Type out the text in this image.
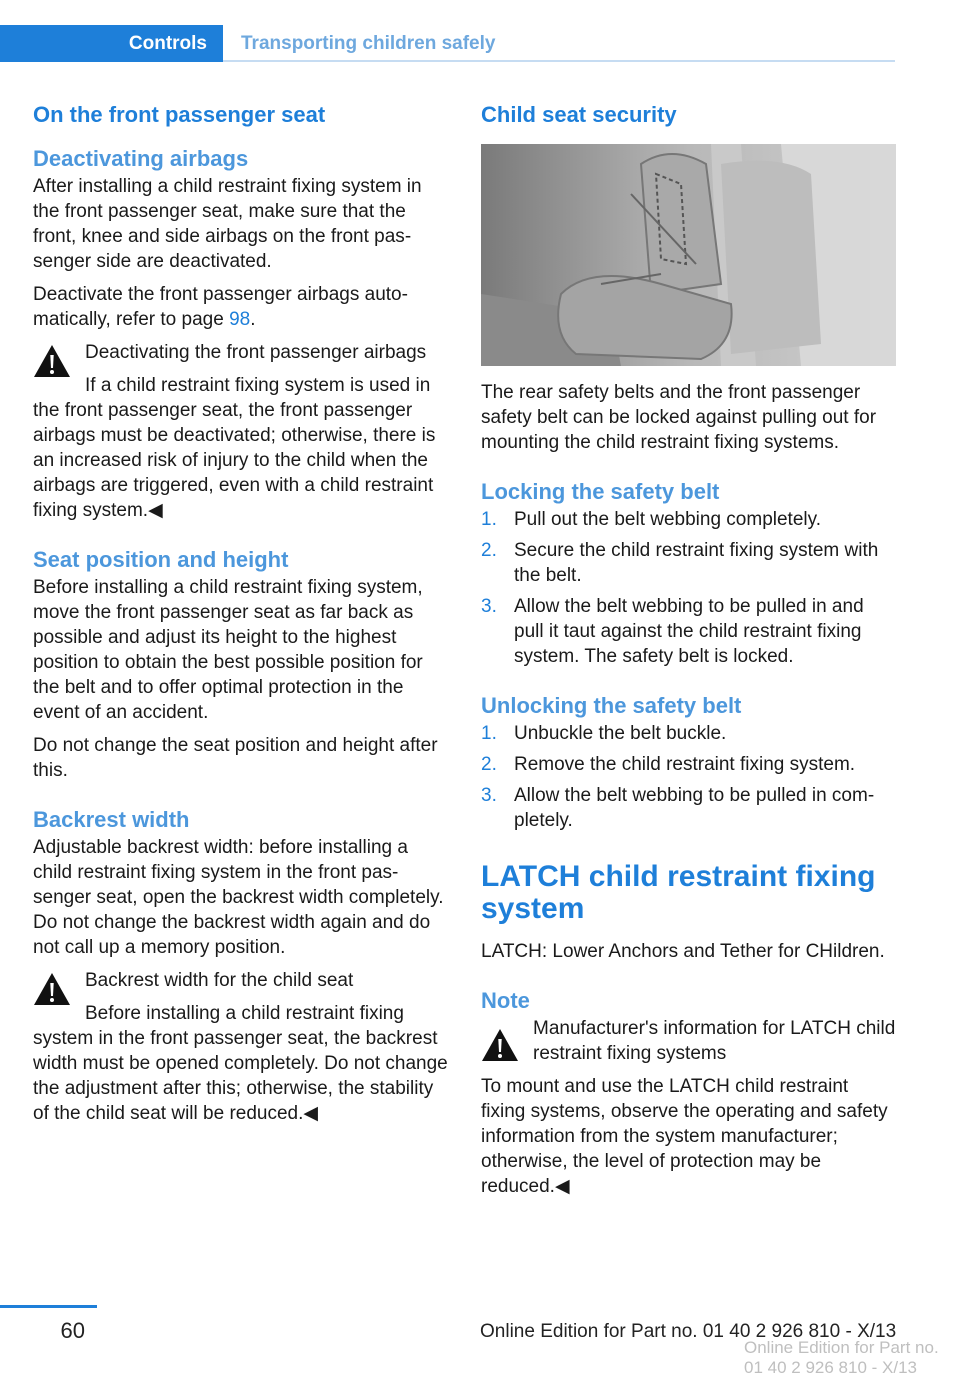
Controls Transporting children safely
On the front passenger seat
Deactivating airbags

After installing a child restraint fixing system in the front passenger seat, make sure that the front, knee and side airbags on the front passenger side are deactivated.

Deactivate the front passenger airbags automatically, refer to page 98.

Deactivating the front passenger airbags
If a child restraint fixing system is used in the front passenger seat, the front passenger airbags must be deactivated; otherwise, there is an increased risk of injury to the child when the airbags are triggered, even with a child restraint fixing system.◀
Seat position and height

Before installing a child restraint fixing system, move the front passenger seat as far back as possible and adjust its height to the highest position to obtain the best possible position for the belt and to offer optimal protection in the event of an accident.

Do not change the seat position and height after this.

Backrest width

Adjustable backrest width: before installing a child restraint fixing system in the front passenger seat, open the backrest width completely. Do not change the backrest width again and do not call up a memory position.

Backrest width for the child seat
Before installing a child restraint fixing system in the front passenger seat, the backrest width must be opened completely. Do not change the adjustment after this; otherwise, the stability of the child seat will be reduced.◀
Child seat security

The rear safety belts and the front passenger safety belt can be locked against pulling out for mounting the child restraint fixing systems.

Locking the safety belt
1. Pull out the belt webbing completely.
2. Secure the child restraint fixing system with the belt.
3. Allow the belt webbing to be pulled in and pull it taut against the child restraint fixing system. The safety belt is locked.
Unlocking the safety belt
1. Unbuckle the belt buckle.
2. Remove the child restraint fixing system.
3. Allow the belt webbing to be pulled in completely.
LATCH child restraint fixing system

LATCH: Lower Anchors and Tether for CHildren.

Note
Manufacturer's information for LATCH child restraint fixing systems
To mount and use the LATCH child restraint fixing systems, observe the operating and safety information from the system manufacturer; otherwise, the level of protection may be reduced.◀
60	Online Edition for Part no. 01 40 2 926 810 - X/13
Online Edition for Part no. 01 40 2 926 810 - X/13
